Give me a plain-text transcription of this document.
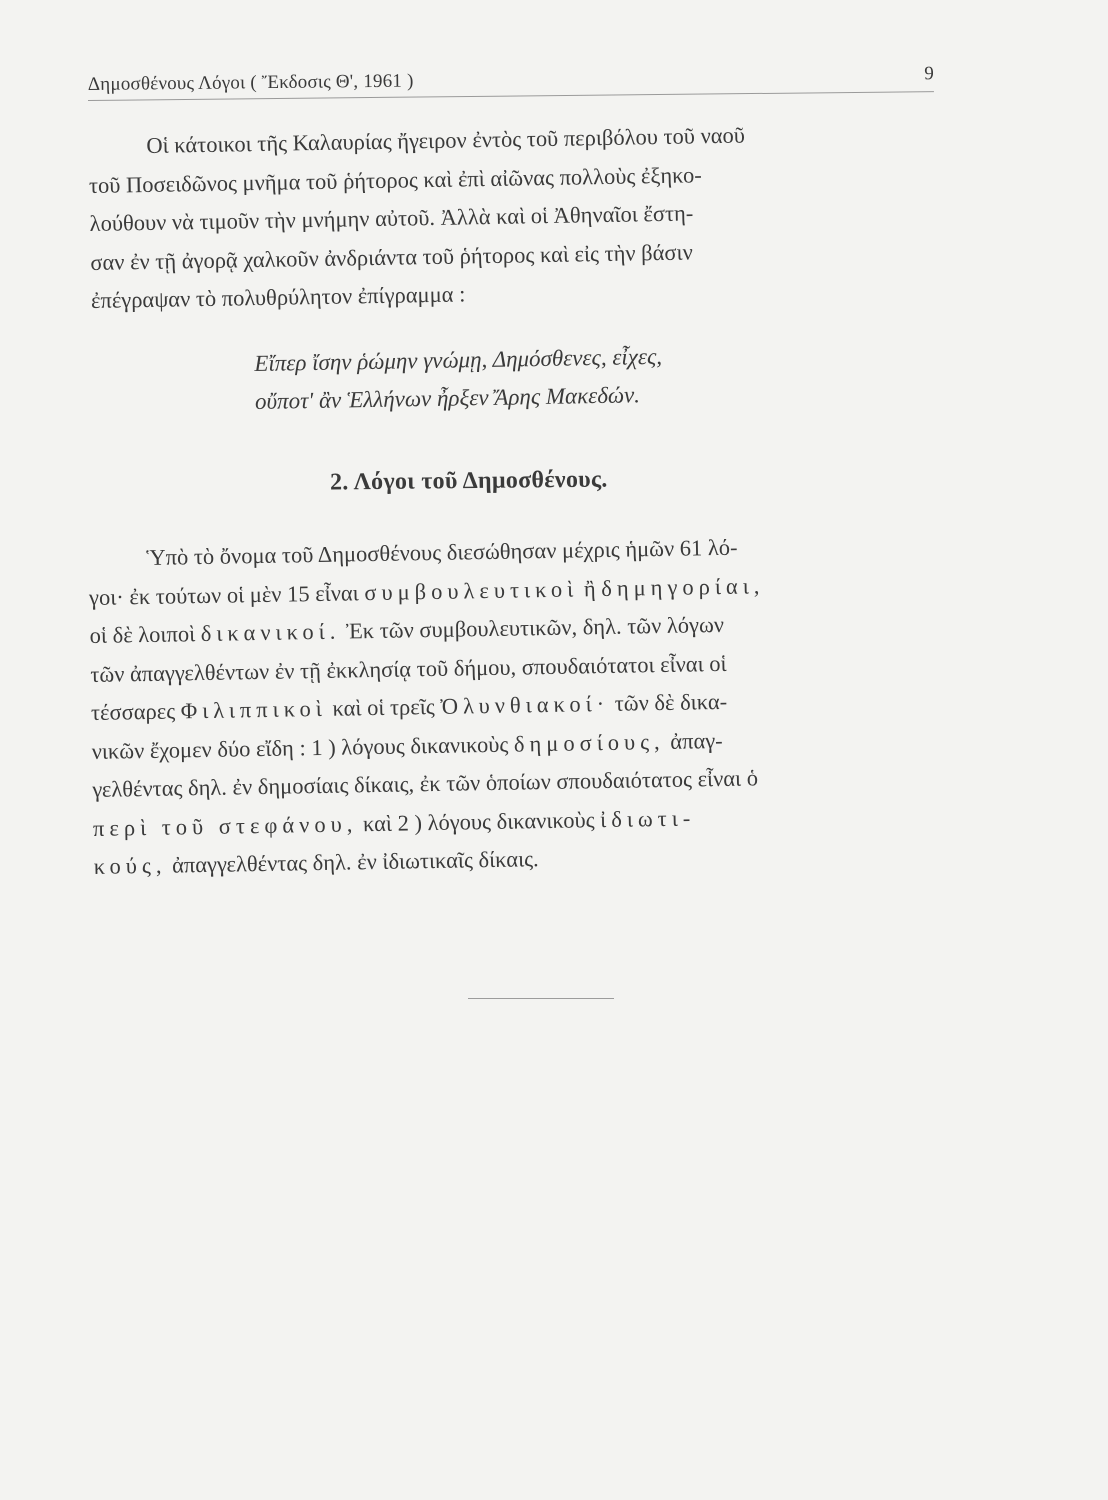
Δημοσθένους Λόγοι ( Ἔκδοσις Θ', 1961 )	9

Οἱ κάτοικοι τῆς Καλαυρίας ἤγειρον ἐντὸς τοῦ περιβόλου τοῦ ναοῦ
τοῦ Ποσειδῶνος μνῆμα τοῦ ῥήτορος καὶ ἐπὶ αἰῶνας πολλοὺς ἐξηκο-
λούθουν νὰ τιμοῦν τὴν μνήμην αὐτοῦ. Ἀλλὰ καὶ οἱ Ἀθηναῖοι ἔστη-
σαν ἐν τῇ ἀγορᾷ χαλκοῦν ἀνδριάντα τοῦ ῥήτορος καὶ εἰς τὴν βάσιν
ἐπέγραψαν τὸ πολυθρύλητον ἐπίγραμμα :

Εἴπερ ἴσην ῥώμην γνώμῃ, Δημόσθενες, εἶχες,
οὔποτ' ἂν Ἑλλήνων ἦρξεν Ἄρης Μακεδών.
2. Λόγοι τοῦ Δημοσθένους.

Ὑπὸ τὸ ὄνομα τοῦ Δημοσθένους διεσώθησαν μέχρις ἡμῶν 61 λό-
γοι· ἐκ τούτων οἱ μὲν 15 εἶναι συμβουλευτικοὶ ἢ δημηγορίαι,
οἱ δὲ λοιποὶ δικανικοί. Ἐκ τῶν συμβουλευτικῶν, δηλ. τῶν λόγων
τῶν ἀπαγγελθέντων ἐν τῇ ἐκκλησίᾳ τοῦ δήμου, σπουδαιότατοι εἶναι οἱ
τέσσαρες Φιλιππικοὶ καὶ οἱ τρεῖς Ὀλυνθιακοί· τῶν δὲ δικα-
νικῶν ἔχομεν δύο εἴδη : 1 ) λόγους δικανικοὺς δημοσίους, ἀπαγ-
γελθέντας δηλ. ἐν δημοσίαις δίκαις, ἐκ τῶν ὁποίων σπουδαιότατος εἶναι ὁ
περὶ τοῦ στεφάνου, καὶ 2 ) λόγους δικανικοὺς ἰδιωτι-
κούς, ἀπαγγελθέντας δηλ. ἐν ἰδιωτικαῖς δίκαις.
